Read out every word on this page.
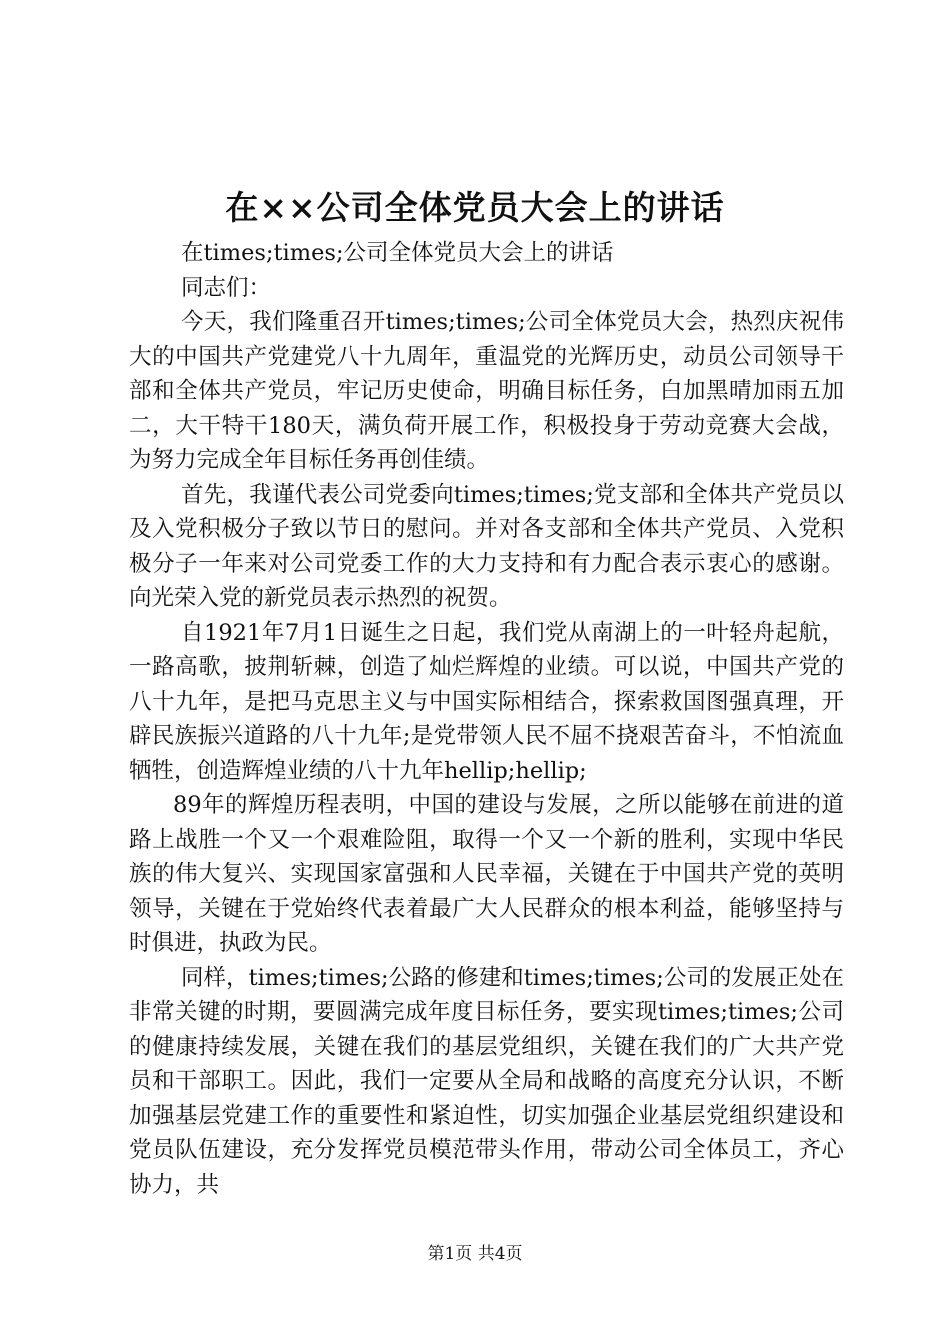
在××公司全体党员大会上的讲话

在times;times;公司全体党员大会上的讲话

同志们：

今天，我们隆重召开times;times;公司全体党员大会，热烈庆祝伟大的中国共产党建党八十九周年，重温党的光辉历史，动员公司领导干部和全体共产党员，牢记历史使命，明确目标任务，白加黑晴加雨五加二，大干特干180天，满负荷开展工作，积极投身于劳动竞赛大会战，为努力完成全年目标任务再创佳绩。

首先，我谨代表公司党委向times;times;党支部和全体共产党员以及入党积极分子致以节日的慰问。并对各支部和全体共产党员、入党积极分子一年来对公司党委工作的大力支持和有力配合表示衷心的感谢。向光荣入党的新党员表示热烈的祝贺。

自1921年7月1日诞生之日起，我们党从南湖上的一叶轻舟起航，一路高歌，披荆斩棘，创造了灿烂辉煌的业绩。可以说，中国共产党的八十九年，是把马克思主义与中国实际相结合，探索救国图强真理，开辟民族振兴道路的八十九年;是党带领人民不屈不挠艰苦奋斗，不怕流血牺牲，创造辉煌业绩的八十九年hellip;hellip;

89年的辉煌历程表明，中国的建设与发展，之所以能够在前进的道路上战胜一个又一个艰难险阻，取得一个又一个新的胜利，实现中华民族的伟大复兴、实现国家富强和人民幸福，关键在于中国共产党的英明领导，关键在于党始终代表着最广大人民群众的根本利益，能够坚持与时俱进，执政为民。

同样，times;times;公路的修建和times;times;公司的发展正处在非常关键的时期，要圆满完成年度目标任务，要实现times;times;公司的健康持续发展，关键在我们的基层党组织，关键在我们的广大共产党员和干部职工。因此，我们一定要从全局和战略的高度充分认识，不断加强基层党建工作的重要性和紧迫性，切实加强企业基层党组织建设和党员队伍建设，充分发挥党员模范带头作用，带动公司全体员工，齐心协力，共

第1页 共4页
